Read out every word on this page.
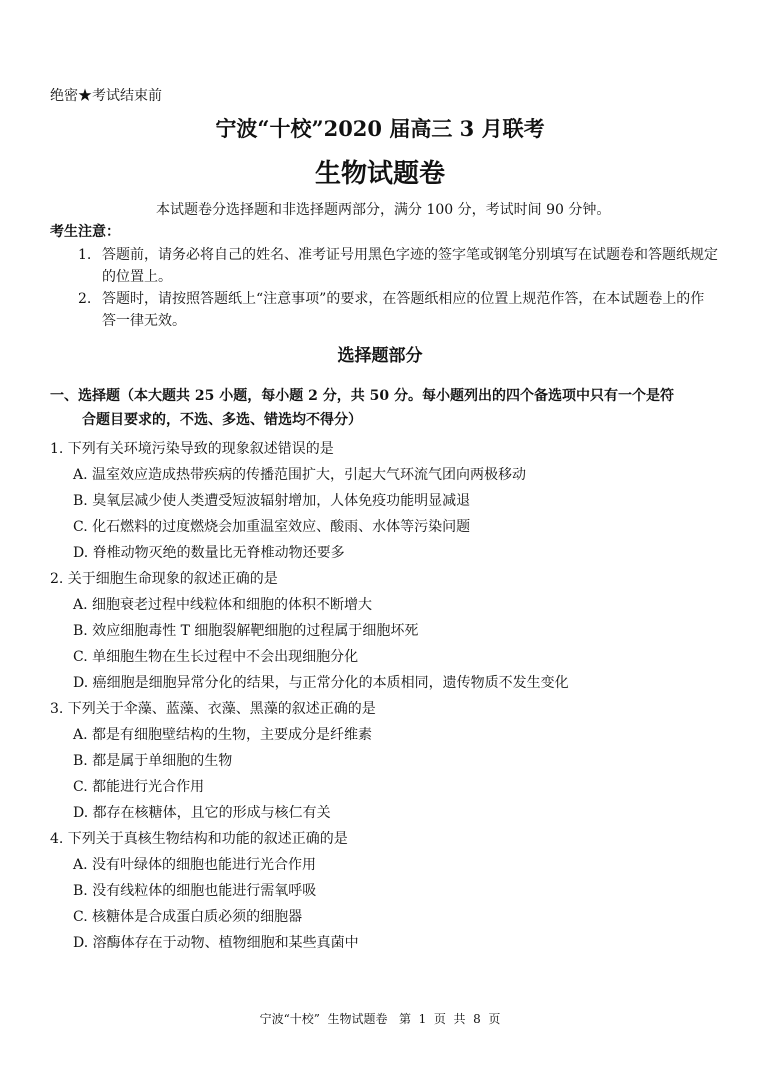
绝密★考试结束前
宁波“十校”2020 届高三 3 月联考
生物试题卷
本试题卷分选择题和非选择题两部分，满分 100 分，考试时间 90 分钟。
考生注意：
1. 答题前，请务必将自己的姓名、准考证号用黑色字迹的签字笔或钢笔分别填写在试题卷和答题纸规定的位置上。
2. 答题时，请按照答题纸上“注意事项”的要求，在答题纸相应的位置上规范作答，在本试题卷上的作答一律无效。
选择题部分
一、选择题（本大题共 25 小题，每小题 2 分，共 50 分。每小题列出的四个备选项中只有一个是符
合题目要求的，不选、多选、错选均不得分）
1. 下列有关环境污染导致的现象叙述错误的是
A. 温室效应造成热带疾病的传播范围扩大，引起大气环流气团向两极移动
B. 臭氧层减少使人类遭受短波辐射增加，人体免疫功能明显减退
C. 化石燃料的过度燃烧会加重温室效应、酸雨、水体等污染问题
D. 脊椎动物灭绝的数量比无脊椎动物还要多
2. 关于细胞生命现象的叙述正确的是
A. 细胞衰老过程中线粒体和细胞的体积不断增大
B. 效应细胞毒性 T 细胞裂解靶细胞的过程属于细胞坏死
C. 单细胞生物在生长过程中不会出现细胞分化
D. 癌细胞是细胞异常分化的结果，与正常分化的本质相同，遗传物质不发生变化
3. 下列关于伞藻、蓝藻、衣藻、黑藻的叙述正确的是
A. 都是有细胞壁结构的生物，主要成分是纤维素
B. 都是属于单细胞的生物
C. 都能进行光合作用
D. 都存在核糖体，且它的形成与核仁有关
4. 下列关于真核生物结构和功能的叙述正确的是
A. 没有叶绿体的细胞也能进行光合作用
B. 没有线粒体的细胞也能进行需氧呼吸
C. 核糖体是合成蛋白质必须的细胞器
D. 溶酶体存在于动物、植物细胞和某些真菌中
宁波“十校”  生物试题卷   第  1  页  共  8  页
